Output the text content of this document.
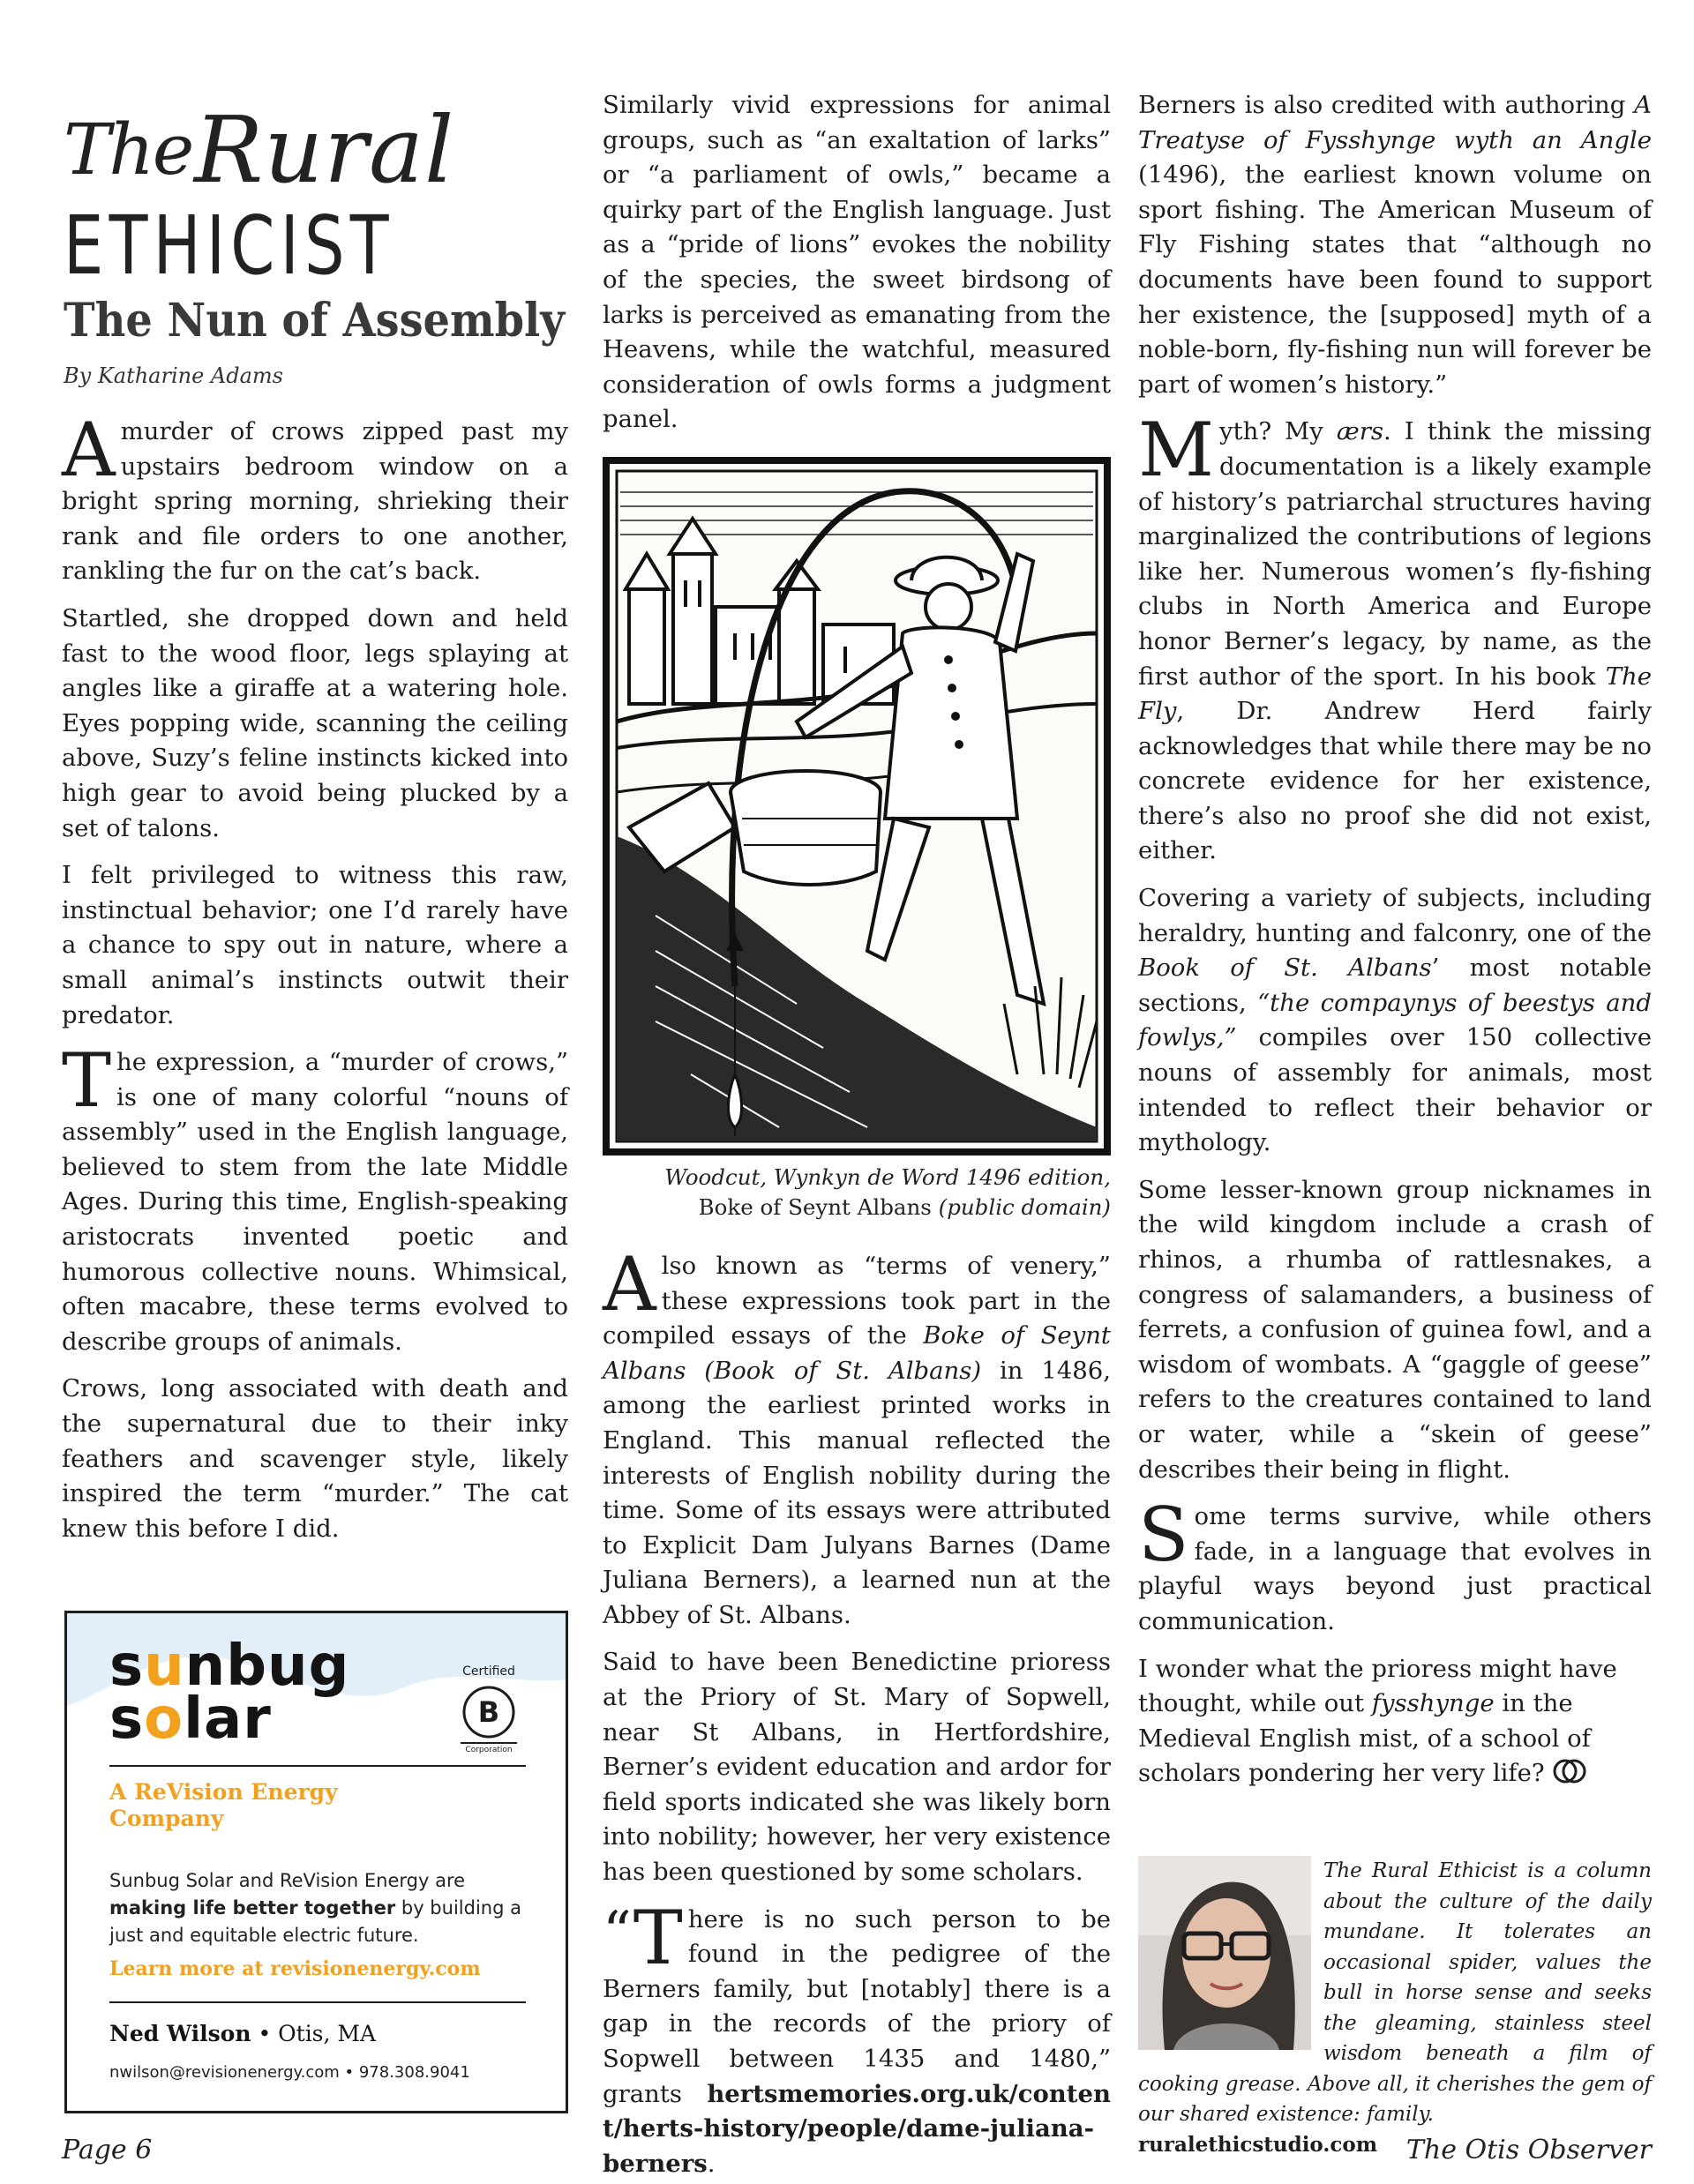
The Rural
ETHICIST
The Nun of Assembly
By Katharine Adams

Amurder of crows zipped past my upstairs bedroom window on a bright spring morning, shrieking their rank and file orders to one another, rankling the fur on the cat’s back.

Startled, she dropped down and held fast to the wood floor, legs splaying at angles like a giraffe at a watering hole. Eyes popping wide, scanning the ceiling above, Suzy’s feline instincts kicked into high gear to avoid being plucked by a set of talons.

I felt privileged to witness this raw, instinctual behavior; one I’d rarely have a chance to spy out in nature, where a small animal’s instincts outwit their predator.

The expression, a “murder of crows,” is one of many colorful “nouns of assembly” used in the English language, believed to stem from the late Middle Ages. During this time, English-speaking aristocrats invented poetic and humorous collective nouns. Whimsical, often macabre, these terms evolved to describe groups of animals.

Crows, long associated with death and the supernatural due to their inky feathers and scavenger style, likely inspired the term “murder.” The cat knew this before I did.

sunbug
solar
Certified
B
Corporation
A ReVision Energy Company
Sunbug Solar and ReVision Energy are making life better together by building a just and equitable electric future.
Learn more at revisionenergy.com
Ned Wilson • Otis, MA
nwilson@revisionenergy.com • 978.308.9041

Similarly vivid expressions for animal groups, such as “an exaltation of larks” or “a parliament of owls,” became a quirky part of the English language. Just as a “pride of lions” evokes the nobility of the species, the sweet birdsong of larks is perceived as emanating from the Heavens, while the watchful, measured consideration of owls forms a judgment panel.

Woodcut, Wynkyn de Word 1496 edition,
Boke of Seynt Albans (public domain)

Also known as “terms of venery,” these expressions took part in the compiled essays of the Boke of Seynt Albans (Book of St. Albans) in 1486, among the earliest printed works in England. This manual reflected the interests of English nobility during the time. Some of its essays were attributed to Explicit Dam Julyans Barnes (Dame Juliana Berners), a learned nun at the Abbey of St. Albans.

Said to have been Benedictine prioress at the Priory of St. Mary of Sopwell, near St Albans, in Hertfordshire, Berner’s evident education and ardor for field sports indicated she was likely born into nobility; however, her very existence has been questioned by some scholars.

“ T here is no such person to be found in the pedigree of the Berners family, but [notably] there is a gap in the records of the priory of Sopwell between 1435 and 1480,” grants hertsmemories.org.uk/content/herts-history/people/dame-juliana-berners.

Berners is also credited with authoring A Treatyse of Fysshynge wyth an Angle (1496), the earliest known volume on sport fishing. The American Museum of Fly Fishing states that “although no documents have been found to support her existence, the [supposed] myth of a noble-born, fly-fishing nun will forever be part of women’s history.”

Myth? My ærs. I think the missing documentation is a likely example of history’s patriarchal structures having marginalized the contributions of legions like her. Numerous women’s fly-fishing clubs in North America and Europe honor Berner’s legacy, by name, as the first author of the sport. In his book The Fly, Dr. Andrew Herd fairly acknowledges that while there may be no concrete evidence for her existence, there’s also no proof she did not exist, either.

Covering a variety of subjects, including heraldry, hunting and falconry, one of the Book of St. Albans’ most notable sections, “the compaynys of beestys and fowlys,” compiles over 150 collective nouns of assembly for animals, most intended to reflect their behavior or mythology.

Some lesser-known group nicknames in the wild kingdom include a crash of rhinos, a rhumba of rattlesnakes, a congress of salamanders, a business of ferrets, a confusion of guinea fowl, and a wisdom of wombats. A “gaggle of geese” refers to the creatures contained to land or water, while a “skein of geese” describes their being in flight.

Some terms survive, while others fade, in a language that evolves in playful ways beyond just practical communication.

I wonder what the prioress might have thought, while out fysshynge in the Medieval English mist, of a school of scholars pondering her very life?

The Rural Ethicist is a column about the culture of the daily mundane. It tolerates an occasional spider, values the bull in horse sense and seeks the gleaming, stainless steel wisdom beneath a film of cooking grease. Above all, it cherishes the gem of our shared existence: family.
ruralethicstudio.com
Page 6	The Otis Observer
